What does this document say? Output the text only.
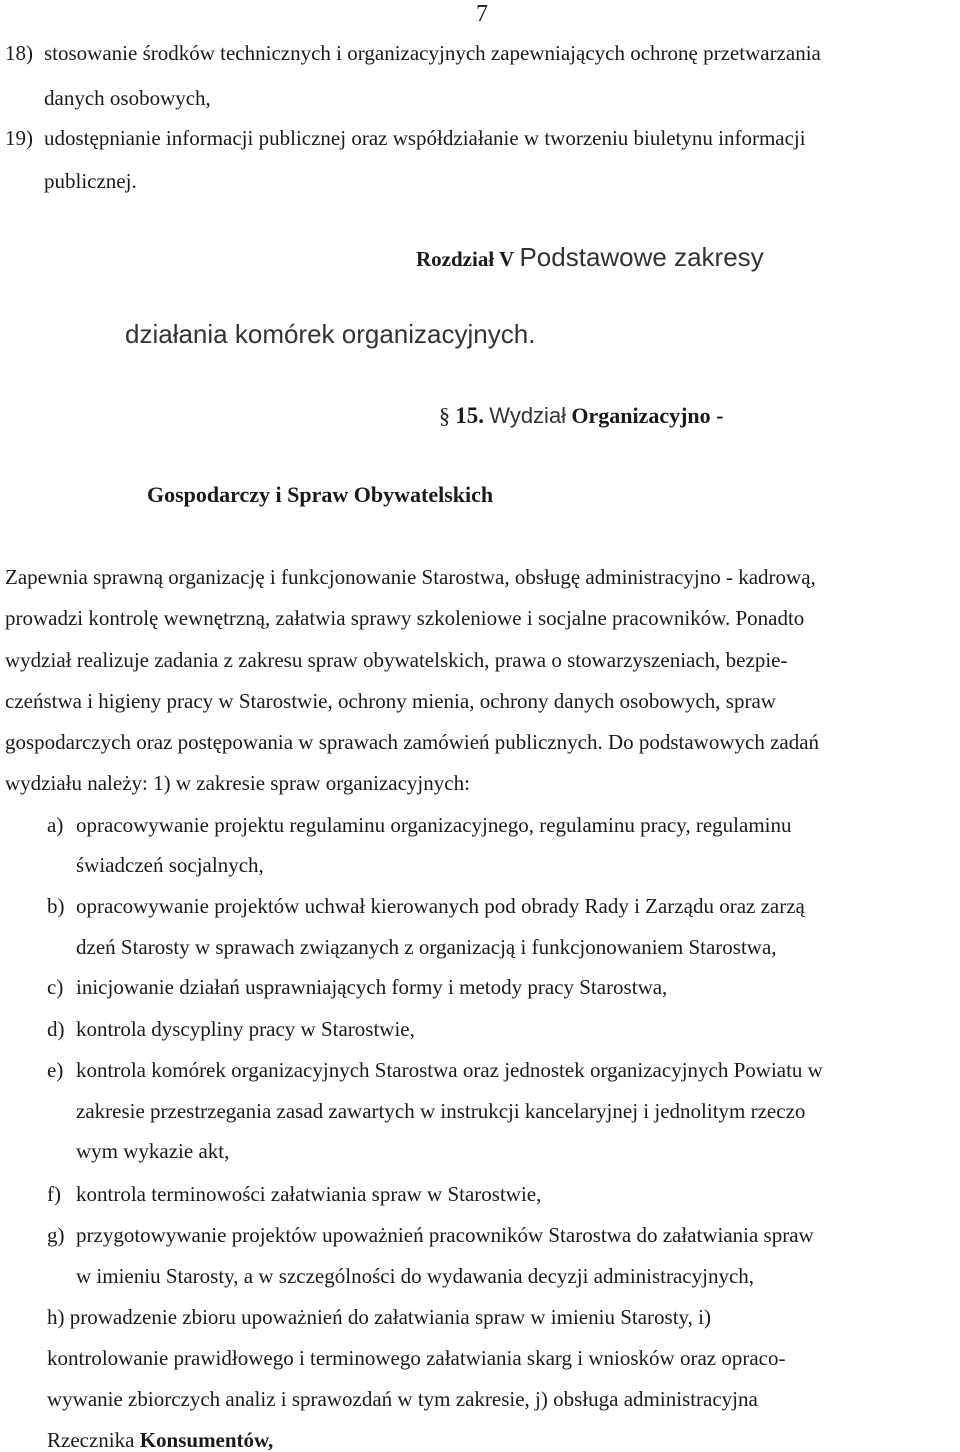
7
18) stosowanie środków technicznych i organizacyjnych zapewniających ochronę przetwarzania
danych osobowych,
19) udostępnianie informacji publicznej oraz współdziałanie w tworzeniu biuletynu informacji
publicznej.
Rozdział V Podstawowe zakresy
działania komórek organizacyjnych.
§ 15. Wydział Organizacyjno -
Gospodarczy i Spraw Obywatelskich
Zapewnia sprawną organizację i funkcjonowanie Starostwa, obsługę administracyjno - kadrową,
prowadzi kontrolę wewnętrzną, załatwia sprawy szkoleniowe i socjalne pracowników. Ponadto
wydział realizuje zadania z zakresu spraw obywatelskich, prawa o stowarzyszeniach, bezpie-
czeństwa i higieny pracy w Starostwie, ochrony mienia, ochrony danych osobowych, spraw
gospodarczych oraz postępowania w sprawach zamówień publicznych. Do podstawowych zadań
wydziału należy: 1) w zakresie spraw organizacyjnych:
a) opracowywanie projektu regulaminu organizacyjnego, regulaminu pracy, regulaminu
świadczeń socjalnych,
b) opracowywanie projektów uchwał kierowanych pod obrady Rady i Zarządu oraz zarzą
dzeń Starosty w sprawach związanych z organizacją i funkcjonowaniem Starostwa,
c) inicjowanie działań usprawniających formy i metody pracy Starostwa,
d) kontrola dyscypliny pracy w Starostwie,
e) kontrola komórek organizacyjnych Starostwa oraz jednostek organizacyjnych Powiatu w
zakresie przestrzegania zasad zawartych w instrukcji kancelaryjnej i jednolitym rzeczo
wym wykazie akt,
f) kontrola terminowości załatwiania spraw w Starostwie,
g) przygotowywanie projektów upoważnień pracowników Starostwa do załatwiania spraw
w imieniu Starosty, a w szczególności do wydawania decyzji administracyjnych,
h) prowadzenie zbioru upoważnień do załatwiania spraw w imieniu Starosty, i)
kontrolowanie prawidłowego i terminowego załatwiania skarg i wniosków oraz opraco-
wywanie zbiorczych analiz i sprawozdań w tym zakresie, j) obsługa administracyjna
Rzecznika Konsumentów,
